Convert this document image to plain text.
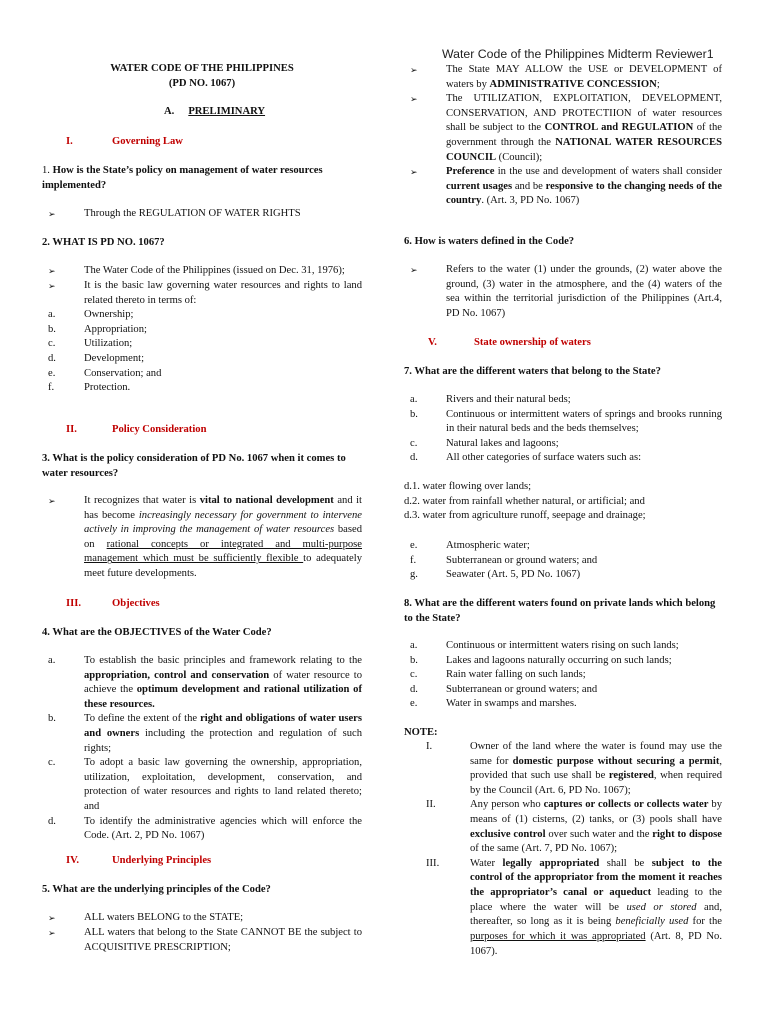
Water Code of the Philippines Midterm Reviewer1
WATER CODE OF THE PHILIPPINES
(PD NO. 1067)
A. PRELIMINARY
I.	Governing Law
1. How is the State’s policy on management of water resources implemented?
➢	Through the REGULATION OF WATER RIGHTS
2. WHAT IS PD NO. 1067?
➢	The Water Code of the Philippines (issued on Dec. 31, 1976);
➢	It is the basic law governing water resources and rights to land related thereto in terms of:
a.	Ownership;
b.	Appropriation;
c.	Utilization;
d.	Development;
e.	Conservation; and
f.	Protection.
II.	Policy Consideration
3. What is the policy consideration of PD No. 1067 when it comes to water resources?
➢	It recognizes that water is vital to national development and it has become increasingly necessary for government to intervene actively in improving the management of water resources based on rational concepts or integrated and multi-purpose management which must be sufficiently flexible to adequately meet future developments.
III.	Objectives
4. What are the OBJECTIVES of the Water Code?
a.	To establish the basic principles and framework relating to the appropriation, control and conservation of water resource to achieve the optimum development and rational utilization of these resources.
b.	To define the extent of the right and obligations of water users and owners including the protection and regulation of such rights;
c.	To adopt a basic law governing the ownership, appropriation, utilization, exploitation, development, conservation, and protection of water resources and rights to land related thereto; and
d.	To identify the administrative agencies which will enforce the Code. (Art. 2, PD No. 1067)
IV.	Underlying Principles
5. What are the underlying principles of the Code?
➢	ALL waters BELONG to the STATE;
➢	ALL waters that belong to the State CANNOT BE the subject to ACQUISITIVE PRESCRIPTION;
➢	The State MAY ALLOW the USE or DEVELOPMENT of waters by ADMINISTRATIVE CONCESSION;
➢	The UTILIZATION, EXPLOITATION, DEVELOPMENT, CONSERVATION, AND PROTECTIION of water resources shall be subject to the CONTROL and REGULATION of the government through the NATIONAL WATER RESOURCES COUNCIL (Council);
➢	Preference in the use and development of waters shall consider current usages and be responsive to the changing needs of the country. (Art. 3, PD No. 1067)
6. How is waters defined in the Code?
➢	Refers to the water (1) under the grounds, (2) water above the ground, (3) water in the atmosphere, and the (4) waters of the sea within the territorial jurisdiction of the Philippines (Art.4, PD No. 1067)
V.	State ownership of waters
7. What are the different waters that belong to the State?
a.	Rivers and their natural beds;
b.	Continuous or intermittent waters of springs and brooks running in their natural beds and the beds themselves;
c.	Natural lakes and lagoons;
d.	All other categories of surface waters such as:
d.1. water flowing over lands;
d.2. water from rainfall whether natural, or artificial; and
d.3. water from agriculture runoff, seepage and drainage;
e.	Atmospheric water;
f.	Subterranean or ground waters; and
g.	Seawater (Art. 5, PD No. 1067)
8. What are the different waters found on private lands which belong to the State?
a.	Continuous or intermittent waters rising on such lands;
b.	Lakes and lagoons naturally occurring on such lands;
c.	Rain water falling on such lands;
d.	Subterranean or ground waters; and
e.	Water in swamps and marshes.
NOTE:
I.	Owner of the land where the water is found may use the same for domestic purpose without securing a permit, provided that such use shall be registered, when required by the Council (Art. 6, PD No. 1067);
II.	Any person who captures or collects or collects water by means of (1) cisterns, (2) tanks, or (3) pools shall have exclusive control over such water and the right to dispose of the same (Art. 7, PD No. 1067);
III.	Water legally appropriated shall be subject to the control of the appropriator from the moment it reaches the appropriator’s canal or aqueduct leading to the place where the water will be used or stored and, thereafter, so long as it is being beneficially used for the purposes for which it was appropriated (Art. 8, PD No. 1067).
